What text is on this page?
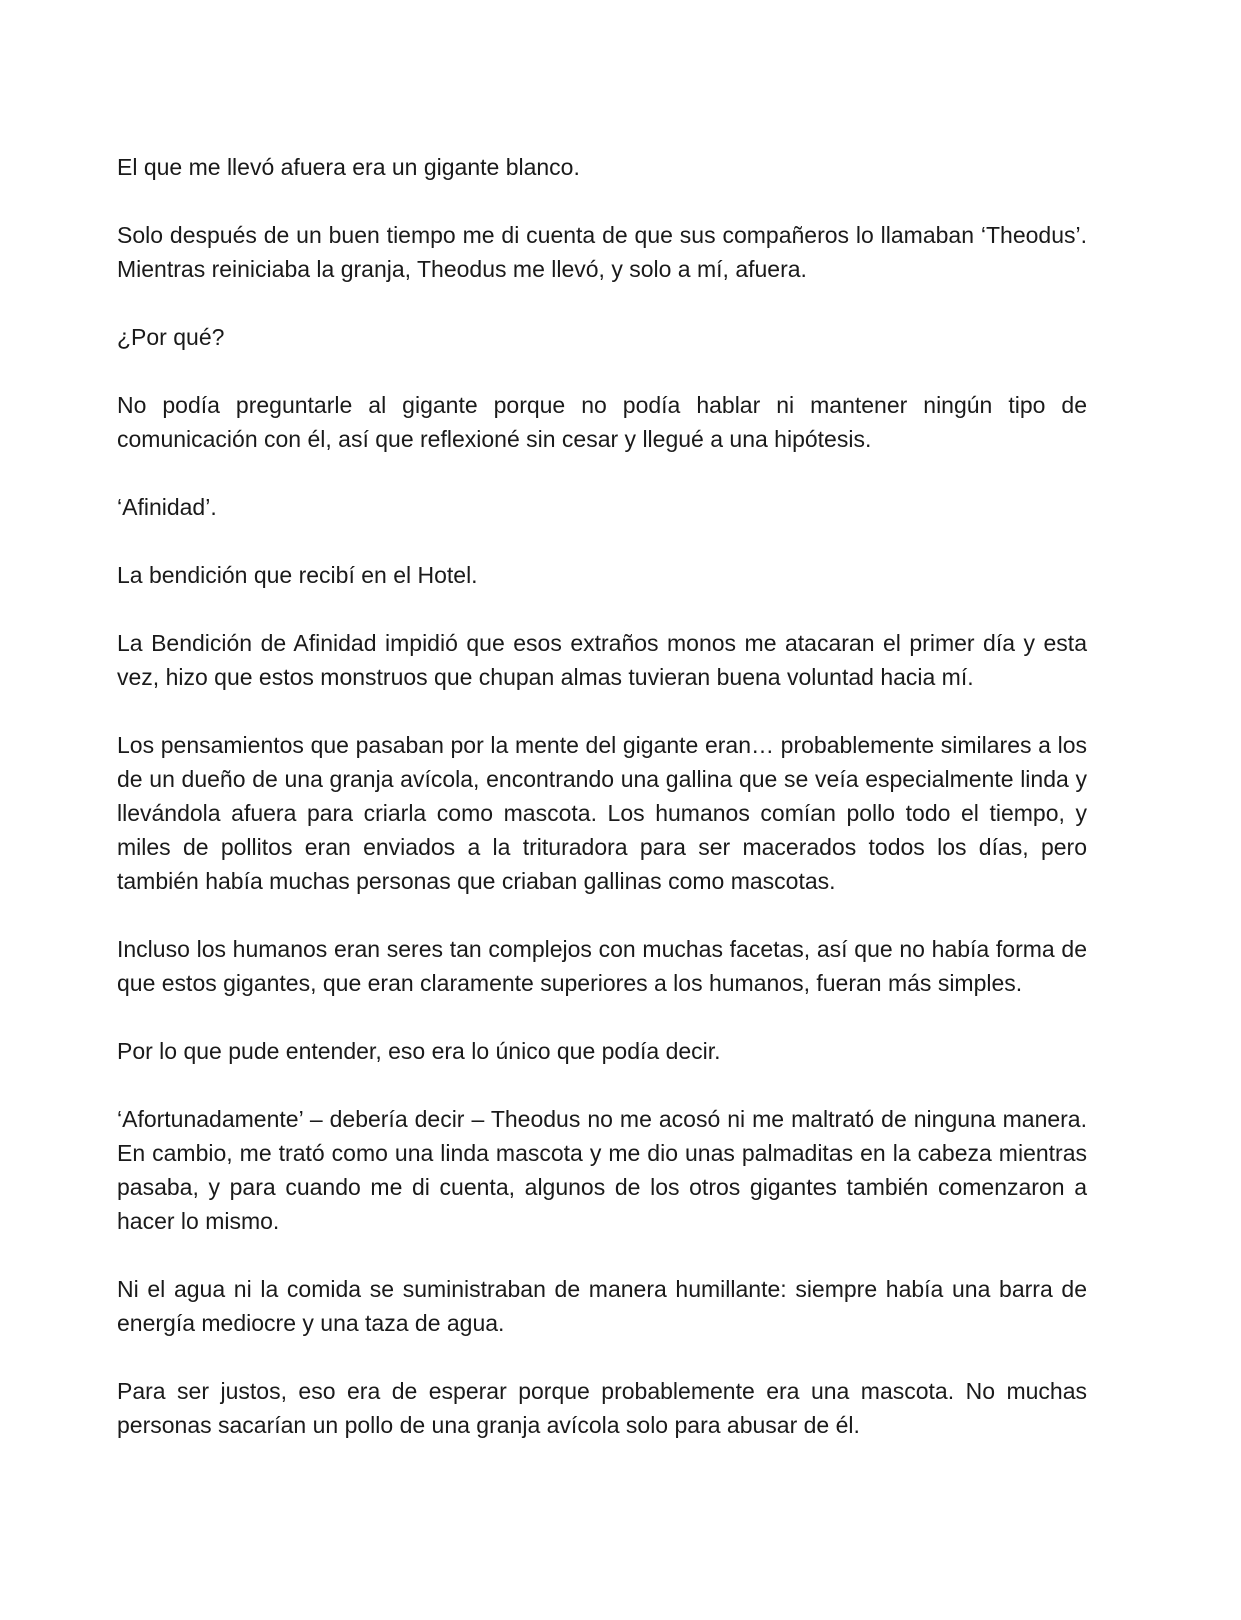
El que me llevó afuera era un gigante blanco.

Solo después de un buen tiempo me di cuenta de que sus compañeros lo llamaban ‘Theodus’. Mientras reiniciaba la granja, Theodus me llevó, y solo a mí, afuera.

¿Por qué?

No podía preguntarle al gigante porque no podía hablar ni mantener ningún tipo de comunicación con él, así que reflexioné sin cesar y llegué a una hipótesis.

‘Afinidad’.

La bendición que recibí en el Hotel.

La Bendición de Afinidad impidió que esos extraños monos me atacaran el primer día y esta vez, hizo que estos monstruos que chupan almas tuvieran buena voluntad hacia mí.

Los pensamientos que pasaban por la mente del gigante eran… probablemente similares a los de un dueño de una granja avícola, encontrando una gallina que se veía especialmente linda y llevándola afuera para criarla como mascota. Los humanos comían pollo todo el tiempo, y miles de pollitos eran enviados a la trituradora para ser macerados todos los días, pero también había muchas personas que criaban gallinas como mascotas.

Incluso los humanos eran seres tan complejos con muchas facetas, así que no había forma de que estos gigantes, que eran claramente superiores a los humanos, fueran más simples.

Por lo que pude entender, eso era lo único que podía decir.

‘Afortunadamente’ – debería decir – Theodus no me acosó ni me maltrató de ninguna manera. En cambio, me trató como una linda mascota y me dio unas palmaditas en la cabeza mientras pasaba, y para cuando me di cuenta, algunos de los otros gigantes también comenzaron a hacer lo mismo.

Ni el agua ni la comida se suministraban de manera humillante: siempre había una barra de energía mediocre y una taza de agua.

Para ser justos, eso era de esperar porque probablemente era una mascota. No muchas personas sacarían un pollo de una granja avícola solo para abusar de él.
